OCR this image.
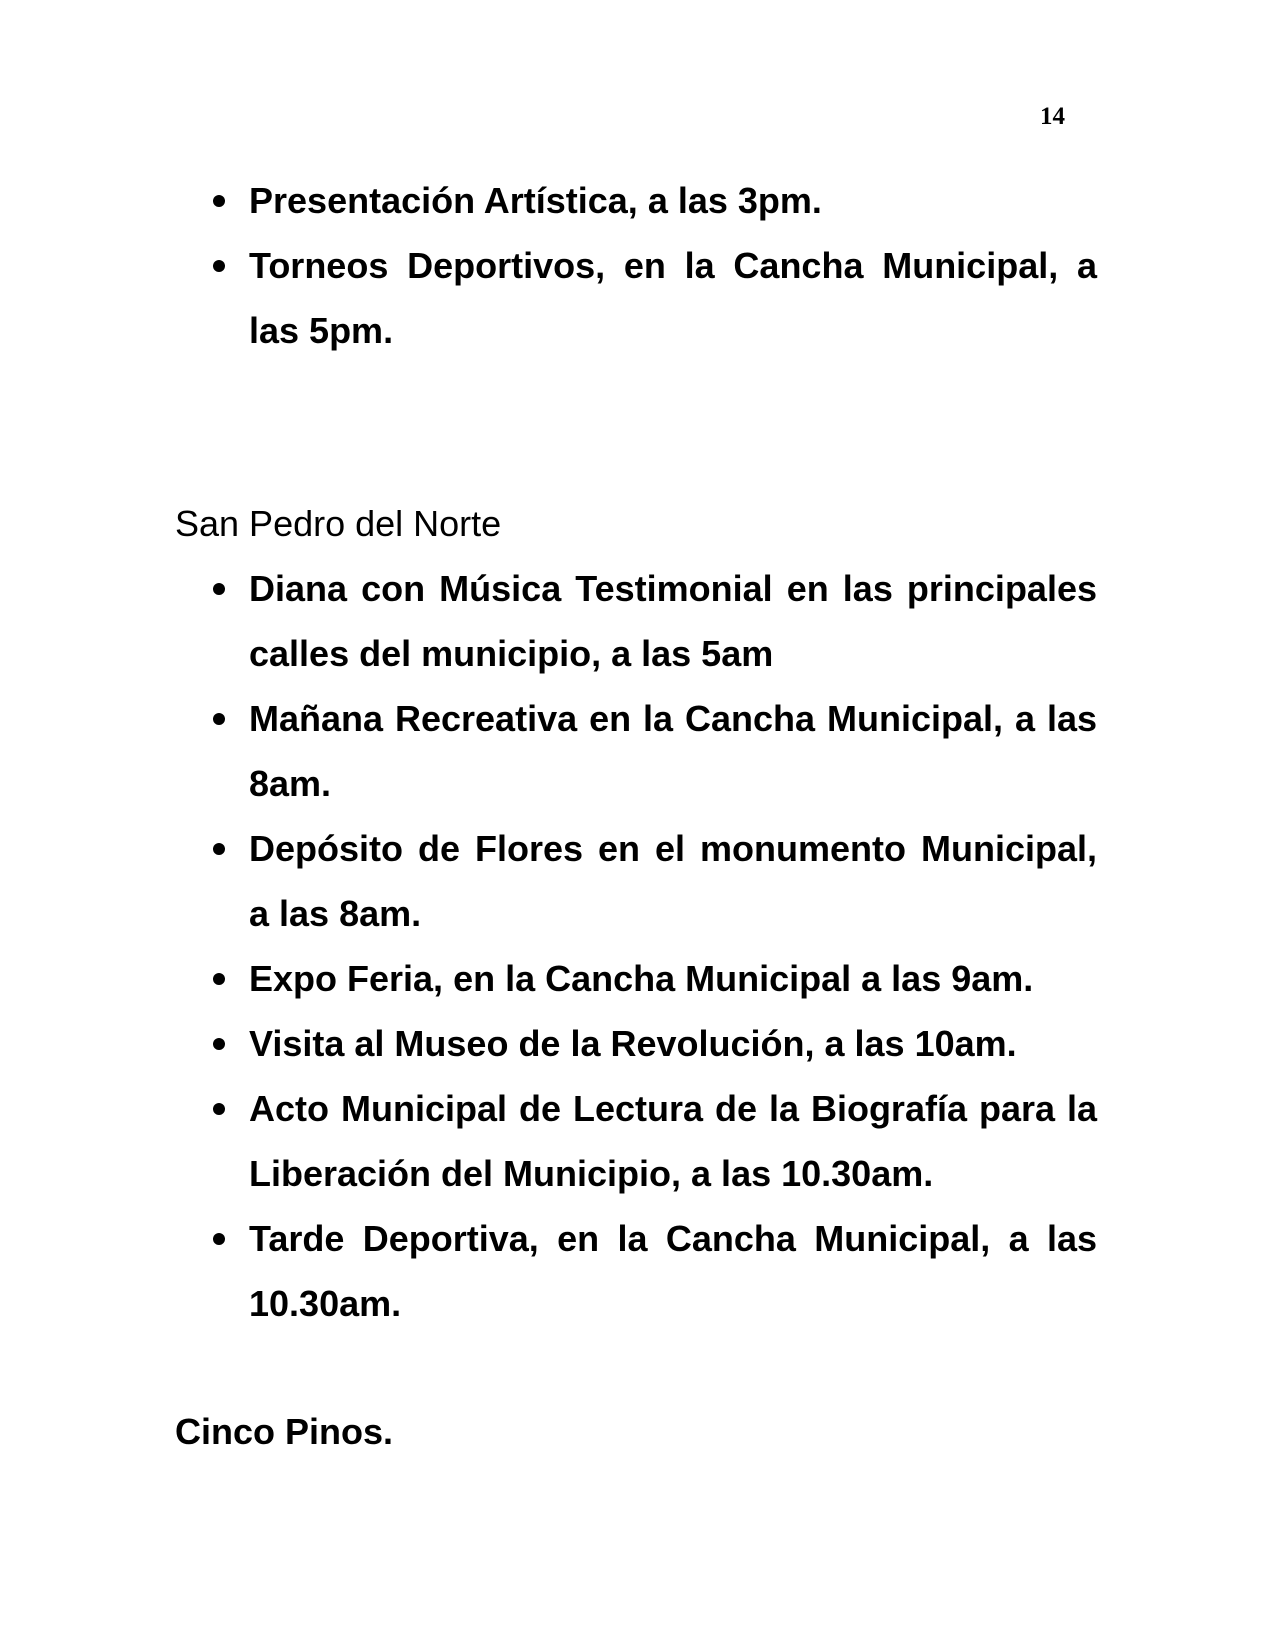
14
Presentación Artística, a las 3pm.
Torneos Deportivos, en la Cancha Municipal, a las 5pm.

San Pedro del Norte

Diana con Música Testimonial en las principales calles del municipio, a las 5am
Mañana Recreativa en la Cancha Municipal, a las 8am.
Depósito de Flores en el monumento Municipal, a las 8am.
Expo Feria, en la Cancha Municipal a las 9am.
Visita al Museo de la Revolución, a las 10am.
Acto Municipal de Lectura de la Biografía para la Liberación del Municipio, a las 10.30am.
Tarde Deportiva, en la Cancha Municipal, a las 10.30am.

Cinco Pinos.
